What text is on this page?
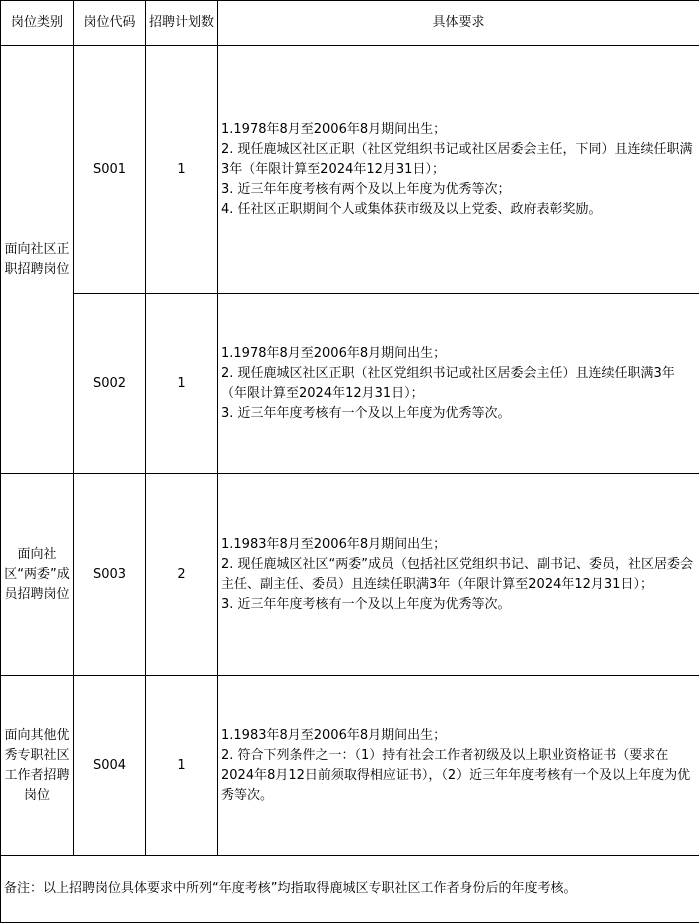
岗位类别	岗位代码	招聘计划数	具体要求
面向社区正职招聘岗位	S001	1	1.1978年8月至2006年8月期间出生；
2. 现任鹿城区社区正职（社区党组织书记或社区居委会主任，下同）且连续任职满3年（年限计算至2024年12月31日）；
3. 近三年年度考核有两个及以上年度为优秀等次；
4. 任社区正职期间个人或集体获市级及以上党委、政府表彰奖励。

	S002	1	1.1978年8月至2006年8月期间出生；
2. 现任鹿城区社区正职（社区党组织书记或社区居委会主任）且连续任职满3年（年限计算至2024年12月31日）；
3. 近三年年度考核有一个及以上年度为优秀等次。

面向社区“两委”成员招聘岗位	S003	2	1.1983年8月至2006年8月期间出生；
2. 现任鹿城区社区“两委”成员（包括社区党组织书记、副书记、委员，社区居委会主任、副主任、委员）且连续任职满3年（年限计算至2024年12月31日）；
3. 近三年年度考核有一个及以上年度为优秀等次。

面向其他优秀专职社区工作者招聘岗位	S004	1	1.1983年8月至2006年8月期间出生；
2. 符合下列条件之一：（1）持有社会工作者初级及以上职业资格证书（要求在2024年8月12日前须取得相应证书），（2）近三年年度考核有一个及以上年度为优秀等次。

备注：以上招聘岗位具体要求中所列“年度考核”均指取得鹿城区专职社区工作者身份后的年度考核。			
